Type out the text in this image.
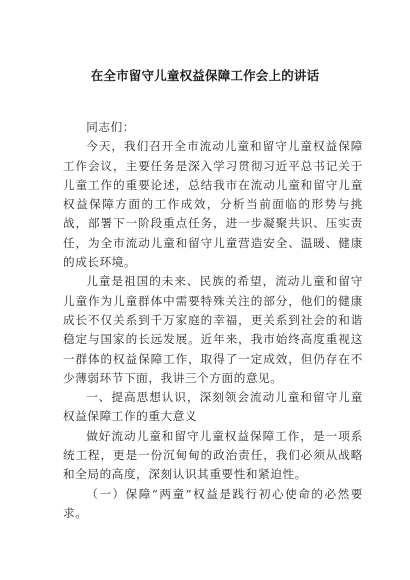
在全市留守儿童权益保障工作会上的讲话

同志们：

今天，我们召开全市流动儿童和留守儿童权益保障工作会议，主要任务是深入学习贯彻习近平总书记关于儿童工作的重要论述，总结我市在流动儿童和留守儿童权益保障方面的工作成效，分析当前面临的形势与挑战，部署下一阶段重点任务，进一步凝聚共识、压实责任，为全市流动儿童和留守儿童营造安全、温暖、健康的成长环境。

儿童是祖国的未来、民族的希望，流动儿童和留守儿童作为儿童群体中需要特殊关注的部分，他们的健康成长不仅关系到千万家庭的幸福，更关系到社会的和谐稳定与国家的长远发展。近年来，我市始终高度重视这一群体的权益保障工作，取得了一定成效，但仍存在不少薄弱环节下面，我讲三个方面的意见。

一、提高思想认识，深刻领会流动儿童和留守儿童权益保障工作的重大意义

做好流动儿童和留守儿童权益保障工作，是一项系统工程，更是一份沉甸甸的政治责任，我们必须从战略和全局的高度，深刻认识其重要性和紧迫性。

（一）保障“两童”权益是践行初心使命的必然要求。
